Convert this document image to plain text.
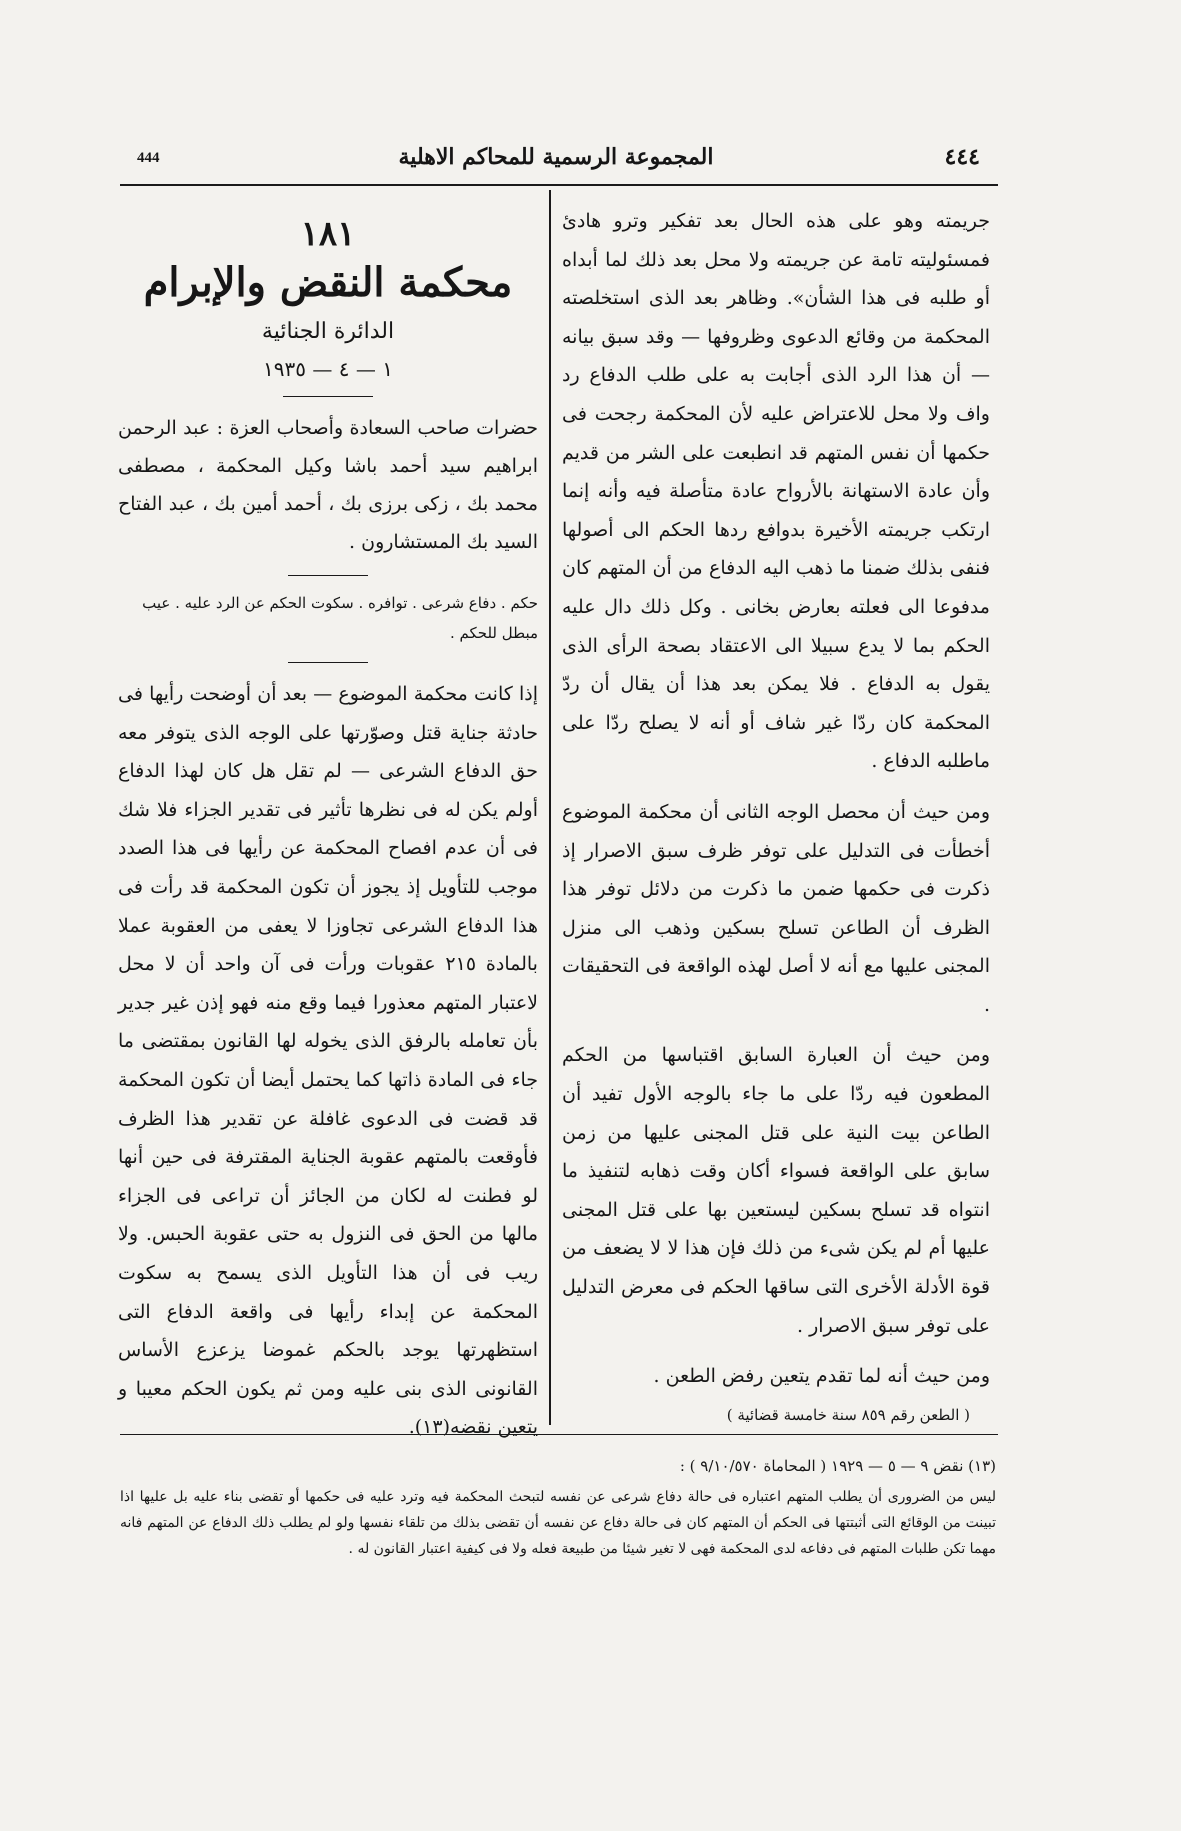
444	المجموعة الرسمية للمحاكم الاهلية	٤٤٤

جريمته وهو على هذه الحال بعد تفكير وترو هادئ فمسئوليته تامة عن جريمته ولا محل بعد ذلك لما أبداه أو طلبه فى هذا الشأن». وظاهر بعد الذى استخلصته المحكمة من وقائع الدعوى وظروفها — وقد سبق بيانه — أن هذا الرد الذى أجابت به على طلب الدفاع رد واف ولا محل للاعتراض عليه لأن المحكمة رجحت فى حكمها أن نفس المتهم قد انطبعت على الشر من قديم وأن عادة الاستهانة بالأرواح عادة متأصلة فيه وأنه إنما ارتكب جريمته الأخيرة بدوافع ردها الحكم الى أصولها فنفى بذلك ضمنا ما ذهب اليه الدفاع من أن المتهم كان مدفوعا الى فعلته بعارض بخانى . وكل ذلك دال عليه الحكم بما لا يدع سبيلا الى الاعتقاد بصحة الرأى الذى يقول به الدفاع . فلا يمكن بعد هذا أن يقال أن ردّ المحكمة كان ردّا غير شاف أو أنه لا يصلح ردّا على ماطلبه الدفاع .

ومن حيث أن محصل الوجه الثانى أن محكمة الموضوع أخطأت فى التدليل على توفر ظرف سبق الاصرار إذ ذكرت فى حكمها ضمن ما ذكرت من دلائل توفر هذا الظرف أن الطاعن تسلح بسكين وذهب الى منزل المجنى عليها مع أنه لا أصل لهذه الواقعة فى التحقيقات .

ومن حيث أن العبارة السابق اقتباسها من الحكم المطعون فيه ردّا على ما جاء بالوجه الأول تفيد أن الطاعن بيت النية على قتل المجنى عليها من زمن سابق على الواقعة فسواء أكان وقت ذهابه لتنفيذ ما انتواه قد تسلح بسكين ليستعين بها على قتل المجنى عليها أم لم يكن شىء من ذلك فإن هذا لا لا يضعف من قوة الأدلة الأخرى التى ساقها الحكم فى معرض التدليل على توفر سبق الاصرار .

ومن حيث أنه لما تقدم يتعين رفض الطعن .

( الطعن رقم ٨٥٩ سنة خامسة قضائية )

١٨١

محكمة النقض والإبرام

الدائرة الجنائية

١ — ٤ — ١٩٣٥

حضرات صاحب السعادة وأصحاب العزة : عبد الرحمن ابراهيم سيد أحمد باشا وكيل المحكمة ، مصطفى محمد بك ، زكى برزى بك ، أحمد أمين بك ، عبد الفتاح السيد بك المستشارون .

حكم . دفاع شرعى . توافره . سكوت الحكم عن الرد عليه . عيب مبطل للحكم .

إذا كانت محكمة الموضوع — بعد أن أوضحت رأيها فى حادثة جناية قتل وصوّرتها على الوجه الذى يتوفر معه حق الدفاع الشرعى — لم تقل هل كان لهذا الدفاع أولم يكن له فى نظرها تأثير فى تقدير الجزاء فلا شك فى أن عدم افصاح المحكمة عن رأيها فى هذا الصدد موجب للتأويل إذ يجوز أن تكون المحكمة قد رأت فى هذا الدفاع الشرعى تجاوزا لا يعفى من العقوبة عملا بالمادة ٢١٥ عقوبات ورأت فى آن واحد أن لا محل لاعتبار المتهم معذورا فيما وقع منه فهو إذن غير جدير بأن تعامله بالرفق الذى يخوله لها القانون بمقتضى ما جاء فى المادة ذاتها كما يحتمل أيضا أن تكون المحكمة قد قضت فى الدعوى غافلة عن تقدير هذا الظرف فأوقعت بالمتهم عقوبة الجناية المقترفة فى حين أنها لو فطنت له لكان من الجائز أن تراعى فى الجزاء مالها من الحق فى النزول به حتى عقوبة الحبس. ولا ريب فى أن هذا التأويل الذى يسمح به سكوت المحكمة عن إبداء رأيها فى واقعة الدفاع التى استظهرتها يوجد بالحكم غموضا يزعزع الأساس القانونى الذى بنى عليه ومن ثم يكون الحكم معيبا و يتعين نقضه(١٣).

(١٣) نقض ٩ — ٥ — ١٩٢٩ ( المحاماة ٩/١٠/٥٧٠ ) :

ليس من الضرورى أن يطلب المتهم اعتباره فى حالة دفاع شرعى عن نفسه لتبحث المحكمة فيه وترد عليه فى حكمها أو تقضى بناء عليه بل عليها اذا تبينت من الوقائع التى أثبتتها فى الحكم أن المتهم كان فى حالة دفاع عن نفسه أن تقضى بذلك من تلقاء نفسها ولو لم يطلب ذلك الدفاع عن المتهم فانه مهما تكن طلبات المتهم فى دفاعه لدى المحكمة فهى لا تغير شيئا من طبيعة فعله ولا فى كيفية اعتبار القانون له .
